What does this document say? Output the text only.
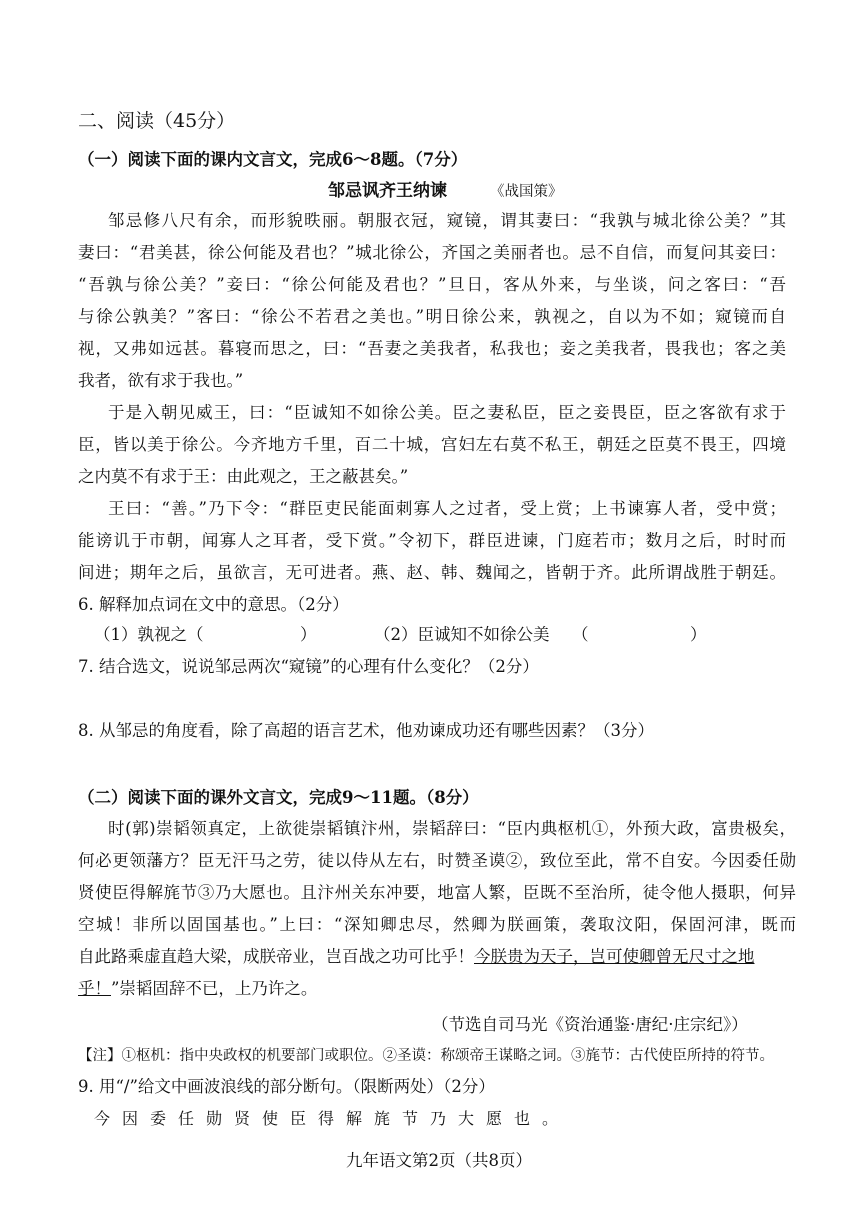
二、阅读（45分）
（一）阅读下面的课内文言文，完成6～8题。（7分）
邹忌讽齐王纳谏	《战国策》
邹忌修八尺有余，而形貌昳丽。朝服衣冠，窥镜，谓其妻曰：“我孰与城北徐公美？”其
妻曰：“君美甚，徐公何能及君也？”城北徐公，齐国之美丽者也。忌不自信，而复问其妾曰：
“吾孰与徐公美？”妾曰：“徐公何能及君也？”旦日，客从外来，与坐谈，问之客曰：“吾
与徐公孰美？”客曰：“徐公不若君之美也。”明日徐公来，孰视之，自以为不如；窥镜而自
视，又弗如远甚。暮寝而思之，曰：“吾妻之美我者，私我也；妾之美我者，畏我也；客之美
我者，欲有求于我也。”
于是入朝见威王，曰：“臣诚知不如徐公美。臣之妻私臣，臣之妾畏臣，臣之客欲有求于
臣，皆以美于徐公。今齐地方千里，百二十城，宫妇左右莫不私王，朝廷之臣莫不畏王，四境
之内莫不有求于王：由此观之，王之蔽甚矣。”
王曰：“善。”乃下令：“群臣吏民能面刺寡人之过者，受上赏；上书谏寡人者，受中赏；
能谤讥于市朝，闻寡人之耳者，受下赏。”令初下，群臣进谏，门庭若市；数月之后，时时而
间进；期年之后，虽欲言，无可进者。燕、赵、韩、魏闻之，皆朝于齐。此所谓战胜于朝廷。
6. 解释加点词在文中的意思。（2分）
（1）孰视之（	）	（2）臣诚知不如徐公美 （	）
7. 结合选文，说说邹忌两次“窥镜”的心理有什么变化？（2分）
8. 从邹忌的角度看，除了高超的语言艺术，他劝谏成功还有哪些因素？（3分）
（二）阅读下面的课外文言文，完成9～11题。（8分）
时(郭)崇韬领真定，上欲徙崇韬镇汴州，崇韬辞曰：“臣内典枢机①，外预大政，富贵极矣，
何必更领藩方？臣无汗马之劳，徒以侍从左右，时赞圣谟②，致位至此，常不自安。今因委任勋
贤使臣得解旄节③乃大愿也。且汴州关东冲要，地富人繁，臣既不至治所，徒令他人摄职，何异
空城！非所以固国基也。”上曰：“深知卿忠尽，然卿为朕画策，袭取汶阳，保固河津，既而
自此路乘虚直趋大梁，成朕帝业，岂百战之功可比乎！今朕贵为天子，岂可使卿曾无尺寸之地
乎！”崇韬固辞不已，上乃许之。
（节选自司马光《资治通鉴·唐纪·庄宗纪》）
【注】①枢机：指中央政权的机要部门或职位。②圣谟：称颂帝王谋略之词。③旄节：古代使臣所持的符节。
9. 用“/”给文中画波浪线的部分断句。（限断两处）（2分）
今因委任勋贤使臣得解旄节乃大愿也。
九年语文第2页（共8页）
